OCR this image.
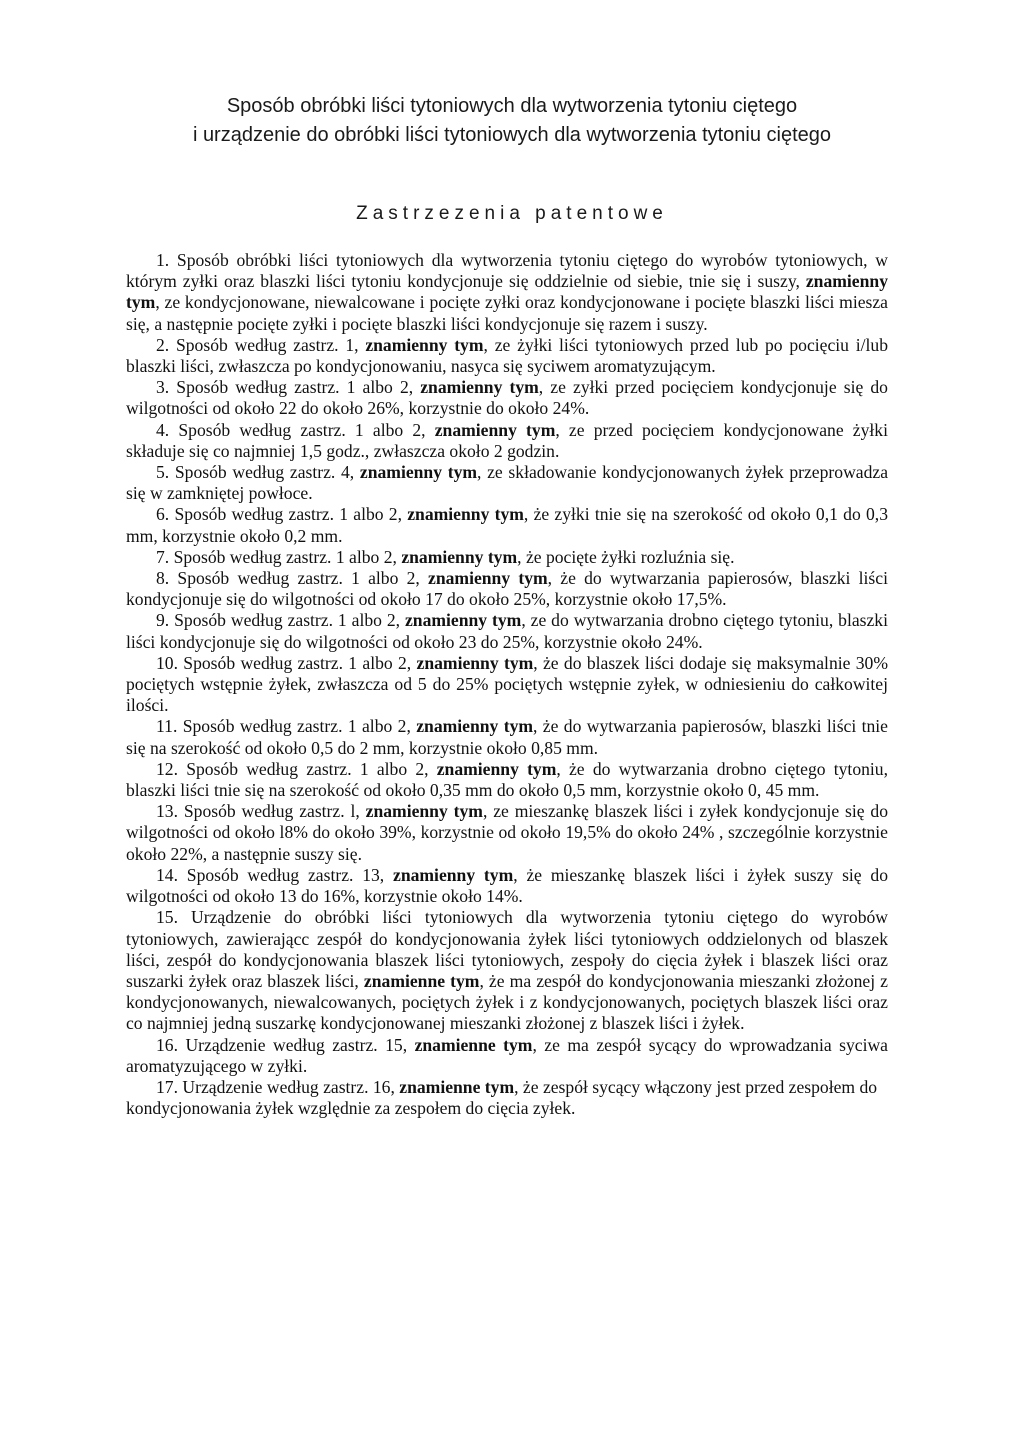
Sposób obróbki liści tytoniowych dla wytworzenia tytoniu ciętego
i urządzenie do obróbki liści tytoniowych dla wytworzenia tytoniu ciętego
Zastrzezenia patentowe

1. Sposób obróbki liści tytoniowych dla wytworzenia tytoniu ciętego do wyrobów tytoniowych, w którym zyłki oraz blaszki liści tytoniu kondycjonuje się oddzielnie od siebie, tnie się i suszy, znamienny tym, ze kondycjonowane, niewalcowane i pocięte zyłki oraz kondycjonowane i pocięte blaszki liści miesza się, a następnie pocięte zyłki i pocięte blaszki liści kondycjonuje się razem i suszy.

2. Sposób według zastrz. 1, znamienny tym, ze żyłki liści tytoniowych przed lub po pocięciu i/lub blaszki liści, zwłaszcza po kondycjonowaniu, nasyca się syciwem aromatyzującym.

3. Sposób według zastrz. 1 albo 2, znamienny tym, ze zyłki przed pocięciem kondycjonuje się do wilgotności od około 22 do około 26%, korzystnie do około 24%.

4. Sposób według zastrz. 1 albo 2, znamienny tym, ze przed pocięciem kondycjonowane żyłki składuje się co najmniej 1,5 godz., zwłaszcza około 2 godzin.

5. Sposób według zastrz. 4, znamienny tym, ze składowanie kondycjonowanych żyłek przeprowadza się w zamkniętej powłoce.

6. Sposób według zastrz. 1 albo 2, znamienny tym, że zyłki tnie się na szerokość od około 0,1 do 0,3 mm, korzystnie około 0,2 mm.

7. Sposób według zastrz. 1 albo 2, znamienny tym, że pocięte żyłki rozluźnia się.

8. Sposób według zastrz. 1 albo 2, znamienny tym, że do wytwarzania papierosów, blaszki liści kondycjonuje się do wilgotności od około 17 do około 25%, korzystnie około 17,5%.

9. Sposób według zastrz. 1 albo 2, znamienny tym, ze do wytwarzania drobno ciętego tytoniu, blaszki liści kondycjonuje się do wilgotności od około 23 do 25%, korzystnie około 24%.

10. Sposób według zastrz. 1 albo 2, znamienny tym, że do blaszek liści dodaje się maksymalnie 30% pociętych wstępnie żyłek, zwłaszcza od 5 do 25% pociętych wstępnie zyłek, w odniesieniu do całkowitej ilości.

11. Sposób według zastrz. 1 albo 2, znamienny tym, że do wytwarzania papierosów, blaszki liści tnie się na szerokość od około 0,5 do 2 mm, korzystnie około 0,85 mm.

12. Sposób według zastrz. 1 albo 2, znamienny tym, że do wytwarzania drobno ciętego tytoniu, blaszki liści tnie się na szerokość od około 0,35 mm do około 0,5 mm, korzystnie około 0, 45 mm.

13. Sposób według zastrz. l, znamienny tym, ze mieszankę blaszek liści i zyłek kondycjonuje się do wilgotności od około l8% do około 39%, korzystnie od około 19,5% do około 24% , szczególnie korzystnie około 22%, a następnie suszy się.

14. Sposób według zastrz. 13, znamienny tym, że mieszankę blaszek liści i żyłek suszy się do wilgotności od około 13 do 16%, korzystnie około 14%.

15. Urządzenie do obróbki liści tytoniowych dla wytworzenia tytoniu ciętego do wyrobów tytoniowych, zawierającc zespół do kondycjonowania żyłek liści tytoniowych oddzielonych od blaszek liści, zespół do kondycjonowania blaszek liści tytoniowych, zespoły do cięcia żyłek i blaszek liści oraz suszarki żyłek oraz blaszek liści, znamienne tym, że ma zespół do kondycjonowania mieszanki złożonej z kondycjonowanych, niewalcowanych, pociętych żyłek i z kondycjonowanych, pociętych blaszek liści oraz co najmniej jedną suszarkę kondycjonowanej mieszanki złożonej z blaszek liści i żyłek.

16. Urządzenie według zastrz. 15, znamienne tym, ze ma zespół sycący do wprowadzania syciwa aromatyzującego w zyłki.

17. Urządzenie według zastrz. 16, znamienne tym, że zespół sycący włączony jest przed zespołem do kondycjonowania żyłek względnie za zespołem do cięcia zyłek.
